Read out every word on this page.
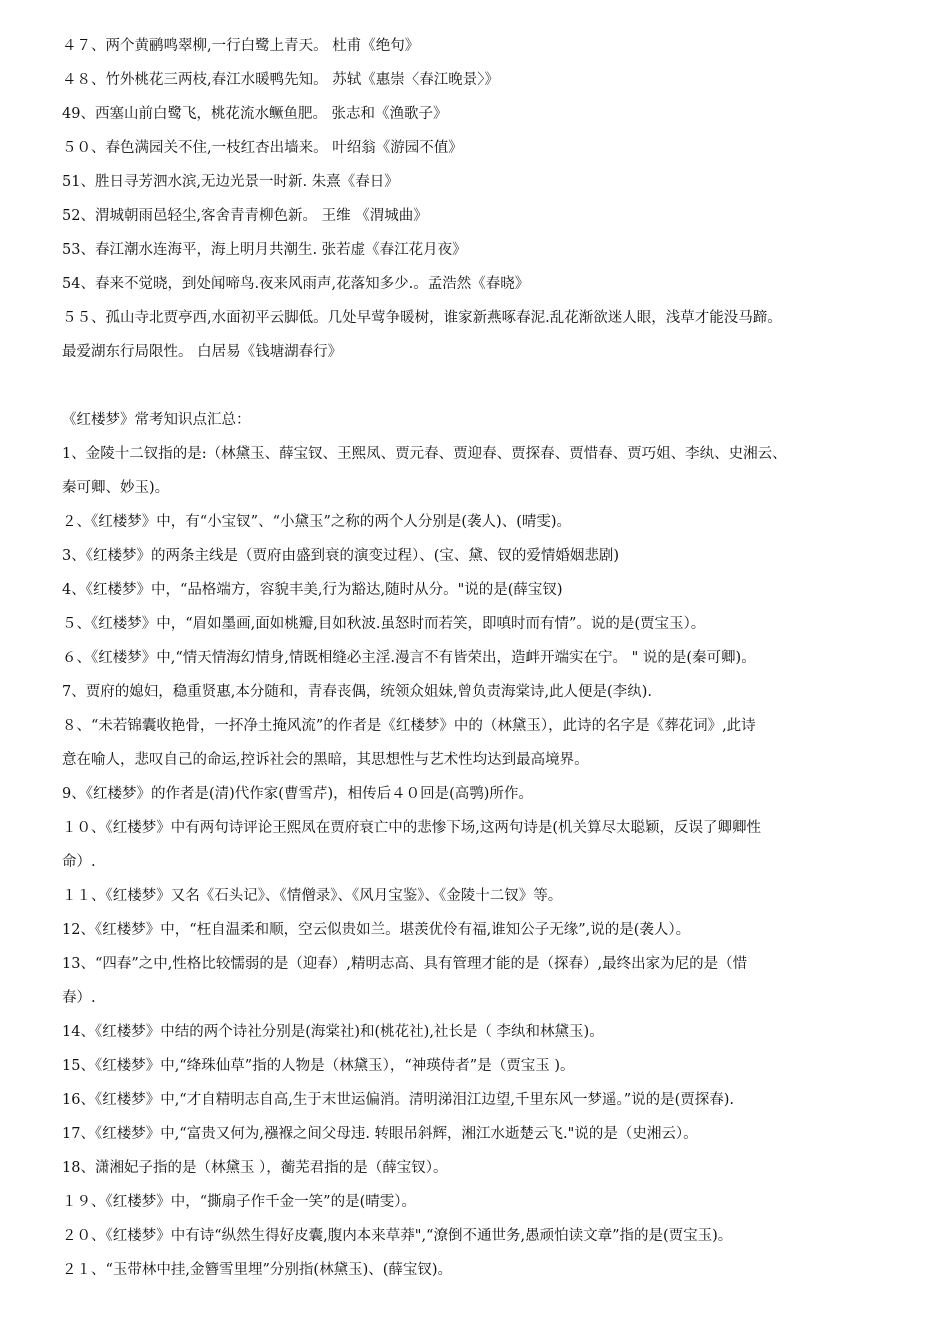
４７、两个黄鹂鸣翠柳,一行白鹭上青天。 杜甫《绝句》
４８、竹外桃花三两枝,春江水暖鸭先知。 苏轼《惠崇〈春江晚景〉》
49、西塞山前白鹭飞，桃花流水鳜鱼肥。 张志和《渔歌子》
５０、春色满园关不住,一枝红杏出墙来。 叶绍翁《游园不值》
51、胜日寻芳泗水滨,无边光景一时新. 朱熹《春日》
52、渭城朝雨邑轻尘,客舍青青柳色新。 王维 《渭城曲》
53、春江潮水连海平，海上明月共潮生. 张若虚《春江花月夜》
54、春来不觉晓，到处闻啼鸟.夜来风雨声,花落知多少.。孟浩然《春晓》
５５、孤山寺北贾亭西,水面初平云脚低。几处早莺争暖树，谁家新燕啄春泥.乱花渐欲迷人眼，浅草才能没马蹄。
最爱湖东行局限性。 白居易《钱塘湖春行》
《红楼梦》常考知识点汇总：
1、金陵十二钗指的是:（林黛玉、薛宝钗、王熙凤、贾元春、贾迎春、贾探春、贾惜春、贾巧姐、李纨、史湘云、
秦可卿、妙玉)。
２、《红楼梦》中，有“小宝钗”、“小黛玉”之称的两个人分别是(袭人)、(晴雯)。
3、《红楼梦》的两条主线是（贾府由盛到衰的演变过程）、(宝、黛、钗的爱情婚姻悲剧)
4、《红楼梦》中，“品格端方，容貌丰美,行为豁达,随时从分。"说的是(薛宝钗)
５、《红楼梦》中，“眉如墨画,面如桃瓣,目如秋波.虽怒时而若笑，即嗔时而有情”。说的是(贾宝玉）。
６、《红楼梦》中,“情天情海幻情身,情既相缝必主淫.漫言不有皆荣出，造衅开端实在宁。 " 说的是(秦可卿)。
7、贾府的媳妇，稳重贤惠,本分随和，青春丧偶，统领众姐妹,曾负责海棠诗,此人便是(李纨).
８、“未若锦囊收艳骨，一抔净土掩风流”的作者是《红楼梦》中的（林黛玉），此诗的名字是《葬花词》,此诗
意在喻人，悲叹自己的命运,控诉社会的黑暗，其思想性与艺术性均达到最高境界。
9、《红楼梦》的作者是(清)代作家(曹雪芹)，相传后４０回是(高鹗)所作。
１０、《红楼梦》中有两句诗评论王熙凤在贾府衰亡中的悲惨下场,这两句诗是(机关算尽太聪颖，反误了卿卿性
命）.
１１、《红楼梦》又名《石头记》、《情僧录》、《风月宝鉴》、《金陵十二钗》等。
12、《红楼梦》中，“枉自温柔和顺，空云似贵如兰。堪羡优伶有福,谁知公子无缘”,说的是(袭人）。
13、“四春”之中,性格比较懦弱的是（迎春）,精明志高、具有管理才能的是（探春）,最终出家为尼的是（惜
春）.
14、《红楼梦》中结的两个诗社分别是(海棠社)和(桃花社),社长是（ 李纨和林黛玉)。
15、《红楼梦》中,“绛珠仙草”指的人物是（林黛玉），“神瑛侍者”是（贾宝玉 )。
16、《红楼梦》中,“才自精明志自高,生于末世运偏消。清明涕泪江边望,千里东风一梦遥。”说的是(贾探春).
17、《红楼梦》中,“富贵又何为,襁褓之间父母违. 转眼吊斜辉，湘江水逝楚云飞."说的是（史湘云）。
18、潇湘妃子指的是（林黛玉 ），蘅芜君指的是（薛宝钗）。
１９、《红楼梦》中，“撕扇子作千金一笑”的是(晴雯）。
２０、《红楼梦》中有诗“纵然生得好皮囊,腹内本来草莽",“潦倒不通世务,愚顽怕读文章”指的是(贾宝玉)。
２１、“玉带林中挂,金簪雪里埋”分别指(林黛玉)、(薛宝钗)。
